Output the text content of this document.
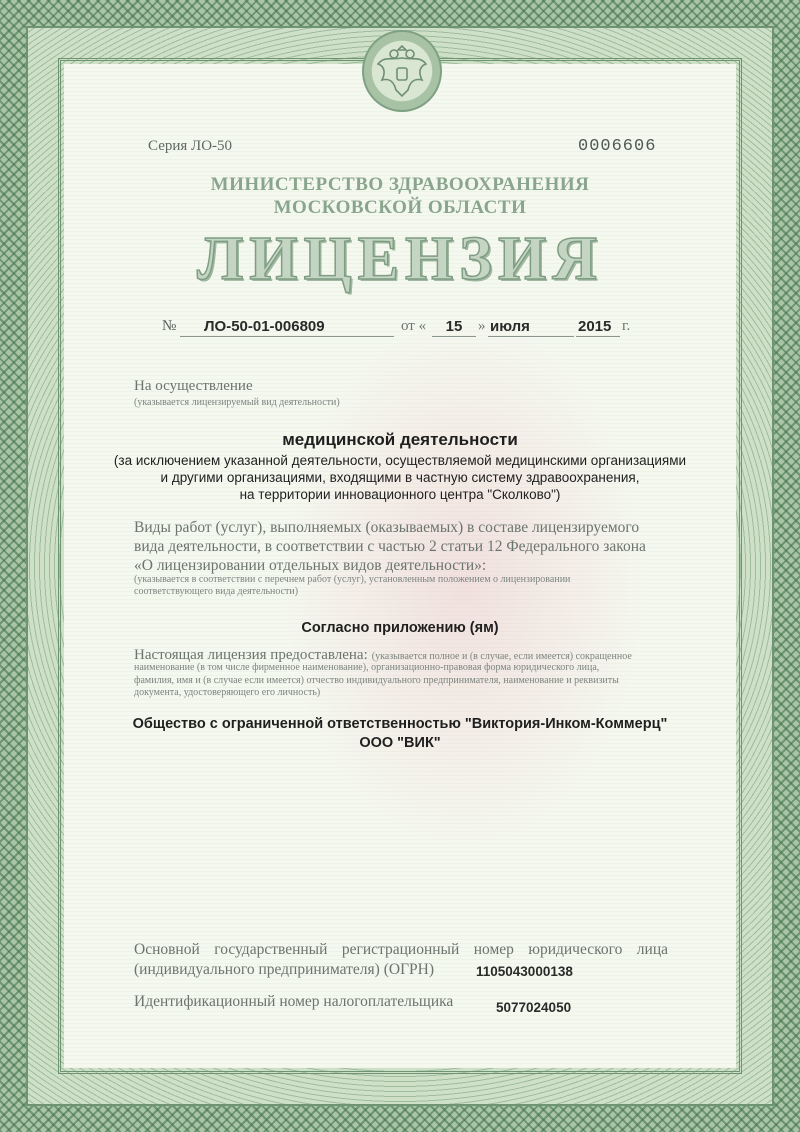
Серия ЛО-50	0006606
МИНИСТЕРСТВО ЗДРАВООХРАНЕНИЯ
МОСКОВСКОЙ ОБЛАСТИ
ЛИЦЕНЗИЯ
№ ЛО-50-01-006809	от «	15	» июля	2015 г.
На осуществление
(указывается лицензируемый вид деятельности)
медицинской деятельности
(за исключением указанной деятельности, осуществляемой медицинскими организациями
и другими организациями, входящими в частную систему здравоохранения,
на территории инновационного центра "Сколково")
Виды работ (услуг), выполняемых (оказываемых) в составе лицензируемого
вида деятельности, в соответствии с частью 2 статьи 12 Федерального закона
«О лицензировании отдельных видов деятельности»:
(указывается в соответствии с перечнем работ (услуг), установленным положением о лицензировании
соответствующего вида деятельности)
Согласно приложению (ям)
Настоящая лицензия предоставлена: (указывается полное и (в случае, если имеется) сокращенное
наименование (в том числе фирменное наименование), организационно-правовая форма юридического лица,
фамилия, имя и (в случае если имеется) отчество индивидуального предпринимателя, наименование и реквизиты
документа, удостоверяющего его личность)
Общество с ограниченной ответственностью "Виктория-Инком-Коммерц"
ООО "ВИК"
Основной государственный регистрационный номер юридического лица
(индивидуального предпринимателя) (ОГРН)	1105043000138
Идентификационный номер налогоплательщика	5077024050
